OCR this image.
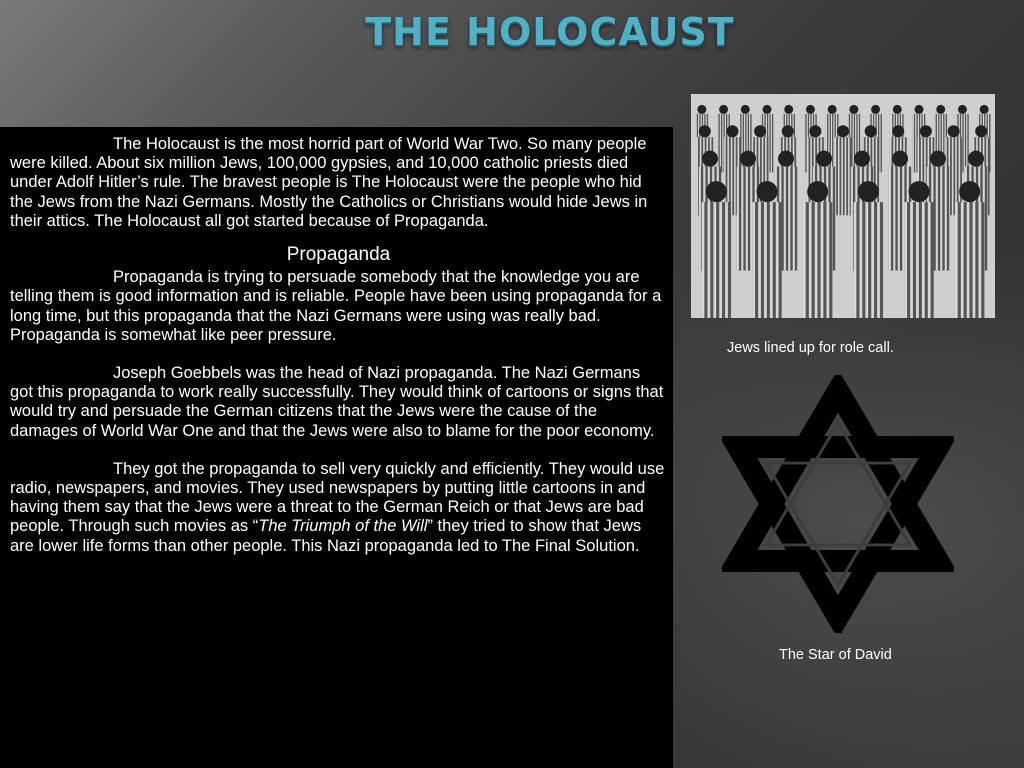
THE HOLOCAUST

The Holocaust is the most horrid part of World War Two. So many people were killed. About six million Jews, 100,000 gypsies, and 10,000 catholic priests died under Adolf Hitler’s rule. The bravest people is The Holocaust were the people who hid the Jews from the Nazi Germans. Mostly the Catholics or Christians would hide Jews in their attics. The Holocaust all got started because of Propaganda.

Propaganda

Propaganda is trying to persuade somebody that the knowledge you are telling them is good information and is reliable. People have been using propaganda for a long time, but this propaganda that the Nazi Germans were using was really bad. Propaganda is somewhat like peer pressure.

Joseph Goebbels was the head of Nazi propaganda. The Nazi Germans got this propaganda to work really successfully. They would think of cartoons or signs that would try and persuade the German citizens that the Jews were the cause of the damages of World War One and that the Jews were also to blame for the poor economy.

They got the propaganda to sell very quickly and efficiently. They would use radio, newspapers, and movies. They used newspapers by putting little cartoons in and having them say that the Jews were a threat to the German Reich or that Jews are bad people. Through such movies as “The Triumph of the Will” they tried to show that Jews are lower life forms than other people. This Nazi propaganda led to The Final Solution.

Jews lined up for role call.
The Star of David
